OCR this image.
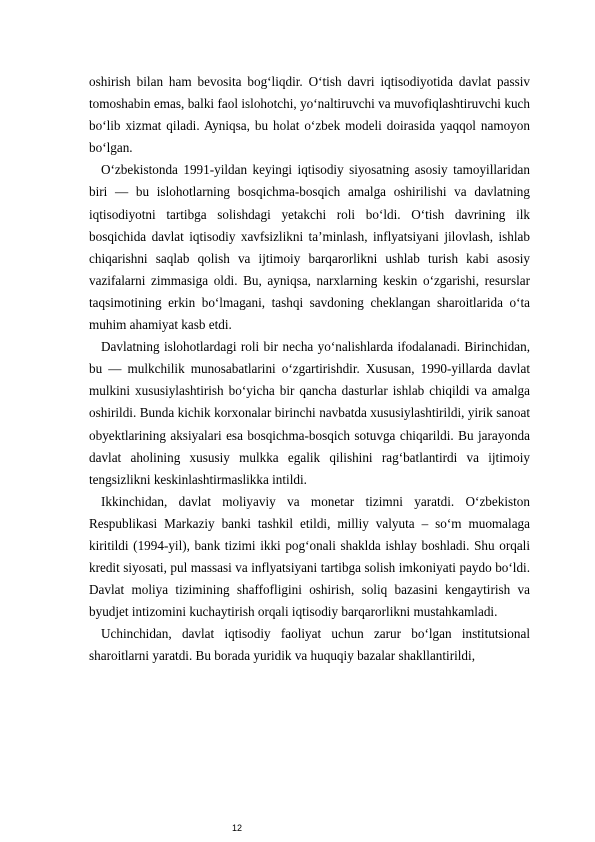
oshirish bilan ham bevosita bog‘liqdir. O‘tish davri iqtisodiyotida davlat passiv tomoshabin emas, balki faol islohotchi, yo‘naltiruvchi va muvofiqlashtiruvchi kuch bo‘lib xizmat qiladi. Ayniqsa, bu holat o‘zbek modeli doirasida yaqqol namoyon bo‘lgan.

O‘zbekistonda 1991-yildan keyingi iqtisodiy siyosatning asosiy tamoyillaridan biri — bu islohotlarning bosqichma-bosqich amalga oshirilishi va davlatning iqtisodiyotni tartibga solishdagi yetakchi roli bo‘ldi. O‘tish davrining ilk bosqichida davlat iqtisodiy xavfsizlikni ta’minlash, inflyatsiyani jilovlash, ishlab chiqarishni saqlab qolish va ijtimoiy barqarorlikni ushlab turish kabi asosiy vazifalarni zimmasiga oldi. Bu, ayniqsa, narxlarning keskin o‘zgarishi, resurslar taqsimotining erkin bo‘lmagani, tashqi savdoning cheklangan sharoitlarida o‘ta muhim ahamiyat kasb etdi.

Davlatning islohotlardagi roli bir necha yo‘nalishlarda ifodalanadi. Birinchidan, bu — mulkchilik munosabatlarini o‘zgartirishdir. Xususan, 1990-yillarda davlat mulkini xususiylashtirish bo‘yicha bir qancha dasturlar ishlab chiqildi va amalga oshirildi. Bunda kichik korxonalar birinchi navbatda xususiylashtirildi, yirik sanoat obyektlarining aksiyalari esa bosqichma-bosqich sotuvga chiqarildi. Bu jarayonda davlat aholining xususiy mulkka egalik qilishini rag‘batlantirdi va ijtimoiy tengsizlikni keskinlashtirmaslikka intildi.

Ikkinchidan, davlat moliyaviy va monetar tizimni yaratdi. O‘zbekiston Respublikasi Markaziy banki tashkil etildi, milliy valyuta – so‘m muomalaga kiritildi (1994-yil), bank tizimi ikki pog‘onali shaklda ishlay boshladi. Shu orqali kredit siyosati, pul massasi va inflyatsiyani tartibga solish imkoniyati paydo bo‘ldi. Davlat moliya tizimining shaffofligini oshirish, soliq bazasini kengaytirish va byudjet intizomini kuchaytirish orqali iqtisodiy barqarorlikni mustahkamladi.

Uchinchidan, davlat iqtisodiy faoliyat uchun zarur bo‘lgan institutsional sharoitlarni yaratdi. Bu borada yuridik va huquqiy bazalar shakllantirildi,

12
